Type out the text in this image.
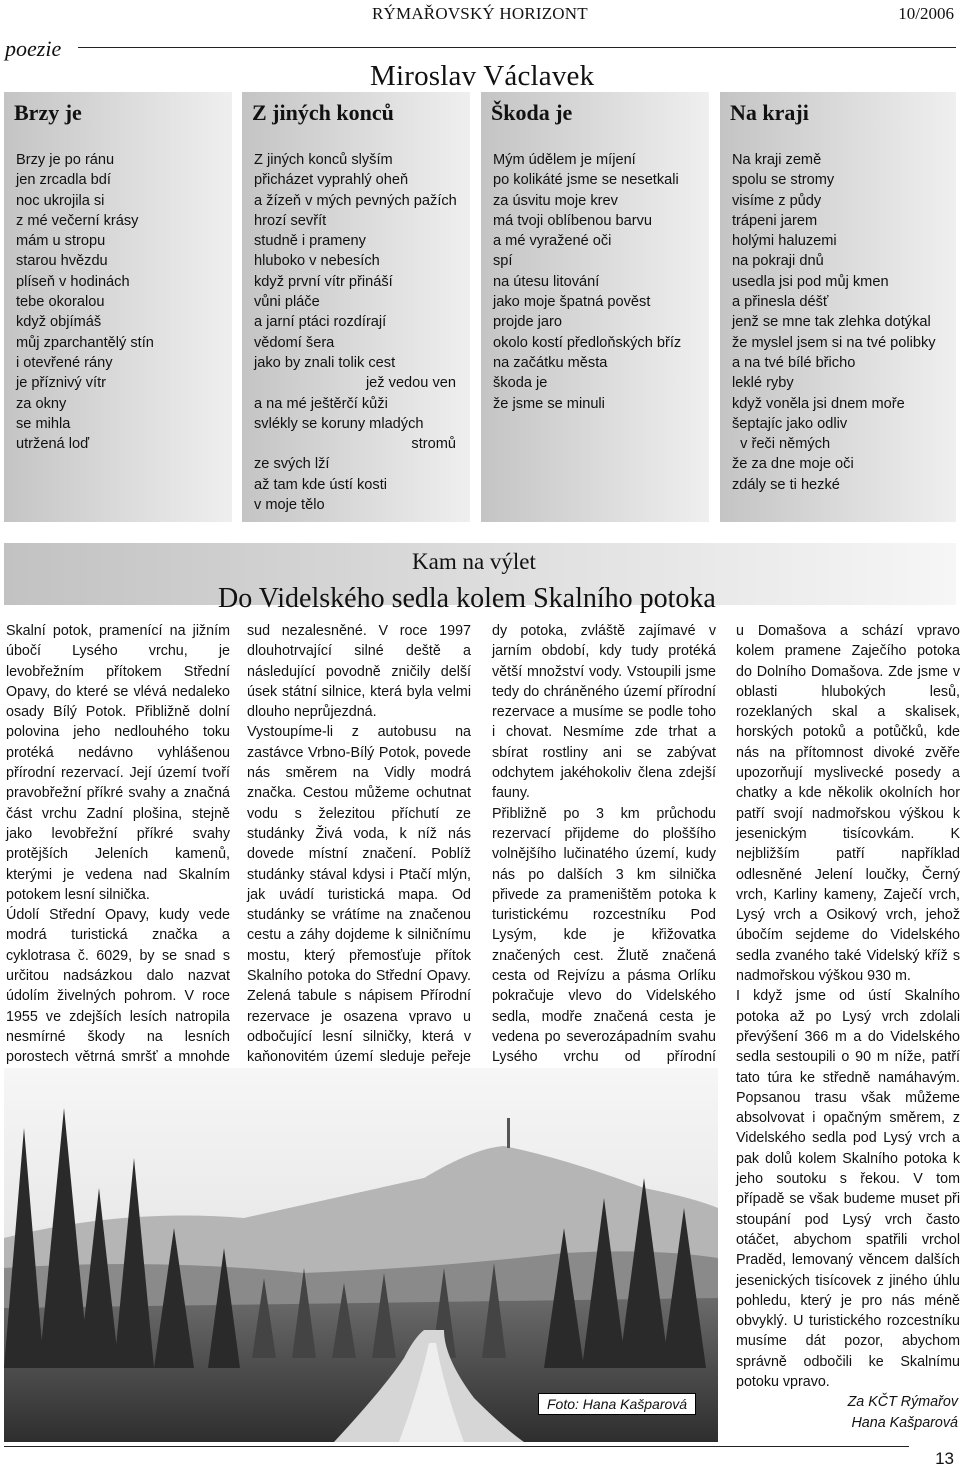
RÝMAŘOVSKÝ HORIZONT	10/2006
poezie
Miroslav Václavek
Brzy je
Brzy je po ránu
jen zrcadla bdí
noc ukrojila si
z mé večerní krásy
mám u stropu
starou hvězdu
plíseň v hodinách
tebe okoralou
když objímáš
můj zparchantělý stín
i otevřené rány
je příznivý vítr
za okny
se mihla
utržená loď
Z jiných konců
Z jiných konců slyším
přicházet vyprahlý oheň
a žízeň v mých pevných pažích
hrozí sevřít
studně i prameny
hluboko v nebesích
když první vítr přináší
vůni pláče
a jarní ptáci rozdírají
vědomí šera
jako by znali tolik cest
jež vedou ven
a na mé ještěrčí kůži
svlékly se koruny mladých
stromů
ze svých lží
až tam kde ústí kosti
v moje tělo
Škoda je
Mým údělem je míjení
po kolikáté jsme se nesetkali
za úsvitu moje krev
má tvoji oblíbenou barvu
a mé vyražené oči
spí
na útesu litování
jako moje špatná pověst
projde jaro
okolo kostí předloňských bříz
na začátku města
škoda je
že jsme se minuli
Na kraji
Na kraji země
spolu se stromy
visíme z půdy
trápeni jarem
holými haluzemi
na pokraji dnů
usedla jsi pod můj kmen
a přinesla déšť
jenž se mne tak zlehka dotýkal
že myslel jsem si na tvé polibky
a na tvé bílé břicho
leklé ryby
když voněla jsi dnem moře
šeptajíc jako odliv
v řeči němých
že za dne moje oči
zdály se ti hezké
Kam na výlet
Do Videlského sedla kolem Skalního potoka

Skalní potok, pramenící na jižním úbočí Lysého vrchu, je levobřežním přítokem Střední Opavy, do které se vlévá nedaleko osady Bílý Potok. Přibližně dolní polovina jeho nedlouhého toku protéká nedávno vyhlášenou přírodní rezervací. Její území tvoří pravobřežní příkré svahy a značná část vrchu Zadní plošina, stejně jako levobřežní příkré svahy protějších Jeleních kamenů, kterými je vedena nad Skalním potokem lesní silnička.

Údolí Střední Opavy, kudy vede modrá turistická značka a cyklotrasa č. 6029, by se snad s určitou nadsázkou dalo nazvat údolím živelných pohrom. V roce 1955 ve zdejších lesích natropila nesmírné škody na lesních porostech větrná smršť a mnohde

sud nezalesněné. V roce 1997 dlouhotrvající silné deště a následující povodně zničily delší úsek státní silnice, která byla velmi dlouho neprůjezdná.

Vystoupíme-li z autobusu na zastávce Vrbno-Bílý Potok, povede nás směrem na Vidly modrá značka. Cestou můžeme ochutnat vodu s železitou příchutí ze studánky Živá voda, k níž nás dovede místní značení. Poblíž studánky stával kdysi i Ptačí mlýn, jak uvádí turistická mapa. Od studánky se vrátíme na značenou cestu a záhy dojdeme k silničnímu mostu, který přemosťuje přítok Skalního potoka do Střední Opavy. Zelená tabule s nápisem Přírodní rezervace je osazena vpravo u odbočující lesní silničky, která v kaňonovitém území sleduje peřeje

dy potoka, zvláště zajímavé v jarním období, kdy tudy protéká větší množství vody. Vstoupili jsme tedy do chráněného území přírodní rezervace a musíme se podle toho i chovat. Nesmíme zde trhat a sbírat rostliny ani se zabývat odchytem jakéhokoliv člena zdejší fauny.

Přibližně po 3 km průchodu rezervací přijdeme do ploššího volnějšího lučinatého území, kudy nás po dalších 3 km silnička přivede za prameništěm potoka k turistickému rozcestníku Pod Lysým, kde je křižovatka značených cest. Žlutě značená cesta od Rejvízu a pásma Orlíku pokračuje vlevo do Videlského sedla, modře značená cesta je vedena po severozápadním svahu Lysého vrchu od přírodní

u Domašova a schází vpravo kolem pramene Zaječího potoka do Dolního Domašova. Zde jsme v oblasti hlubokých lesů, rozeklaných skal a skalisek, horských potoků a potůčků, kde nás na přítomnost divoké zvěře upozorňují myslivecké posedy a chatky a kde několik okolních hor patří svojí nadmořskou výškou k jesenickým tisícovkám. K nejbližším patří například odlesněné Jelení loučky, Černý vrch, Karliny kameny, Zaječí vrch, Lysý vrch a Osikový vrch, jehož úbočím sejdeme do Videlského sedla zvaného také Videlský kříž s nadmořskou výškou 930 m.

I když jsme od ústí Skalního potoka až po Lysý vrch zdolali převýšení 366 m a do Videlského sedla sestoupili o 90 m níže, patří tato túra ke středně namáhavým. Popsanou trasu však můžeme absolvovat i opačným směrem, z Videlského sedla pod Lysý vrch a pak dolů kolem Skalního potoka k jeho soutoku s řekou. V tom případě se však budeme muset při stoupání pod Lysý vrch často otáčet, abychom spatřili vrchol Praděd, lemovaný věncem dalších jesenických tisícovek z jiného úhlu pohledu, který je pro nás méně obvyklý. U turistického rozcestníku musíme dát pozor, abychom správně odbočili ke Skalnímu potoku vpravo.

Za KČT Rýmařov
Hana Kašparová
Foto: Hana Kašparová
13
